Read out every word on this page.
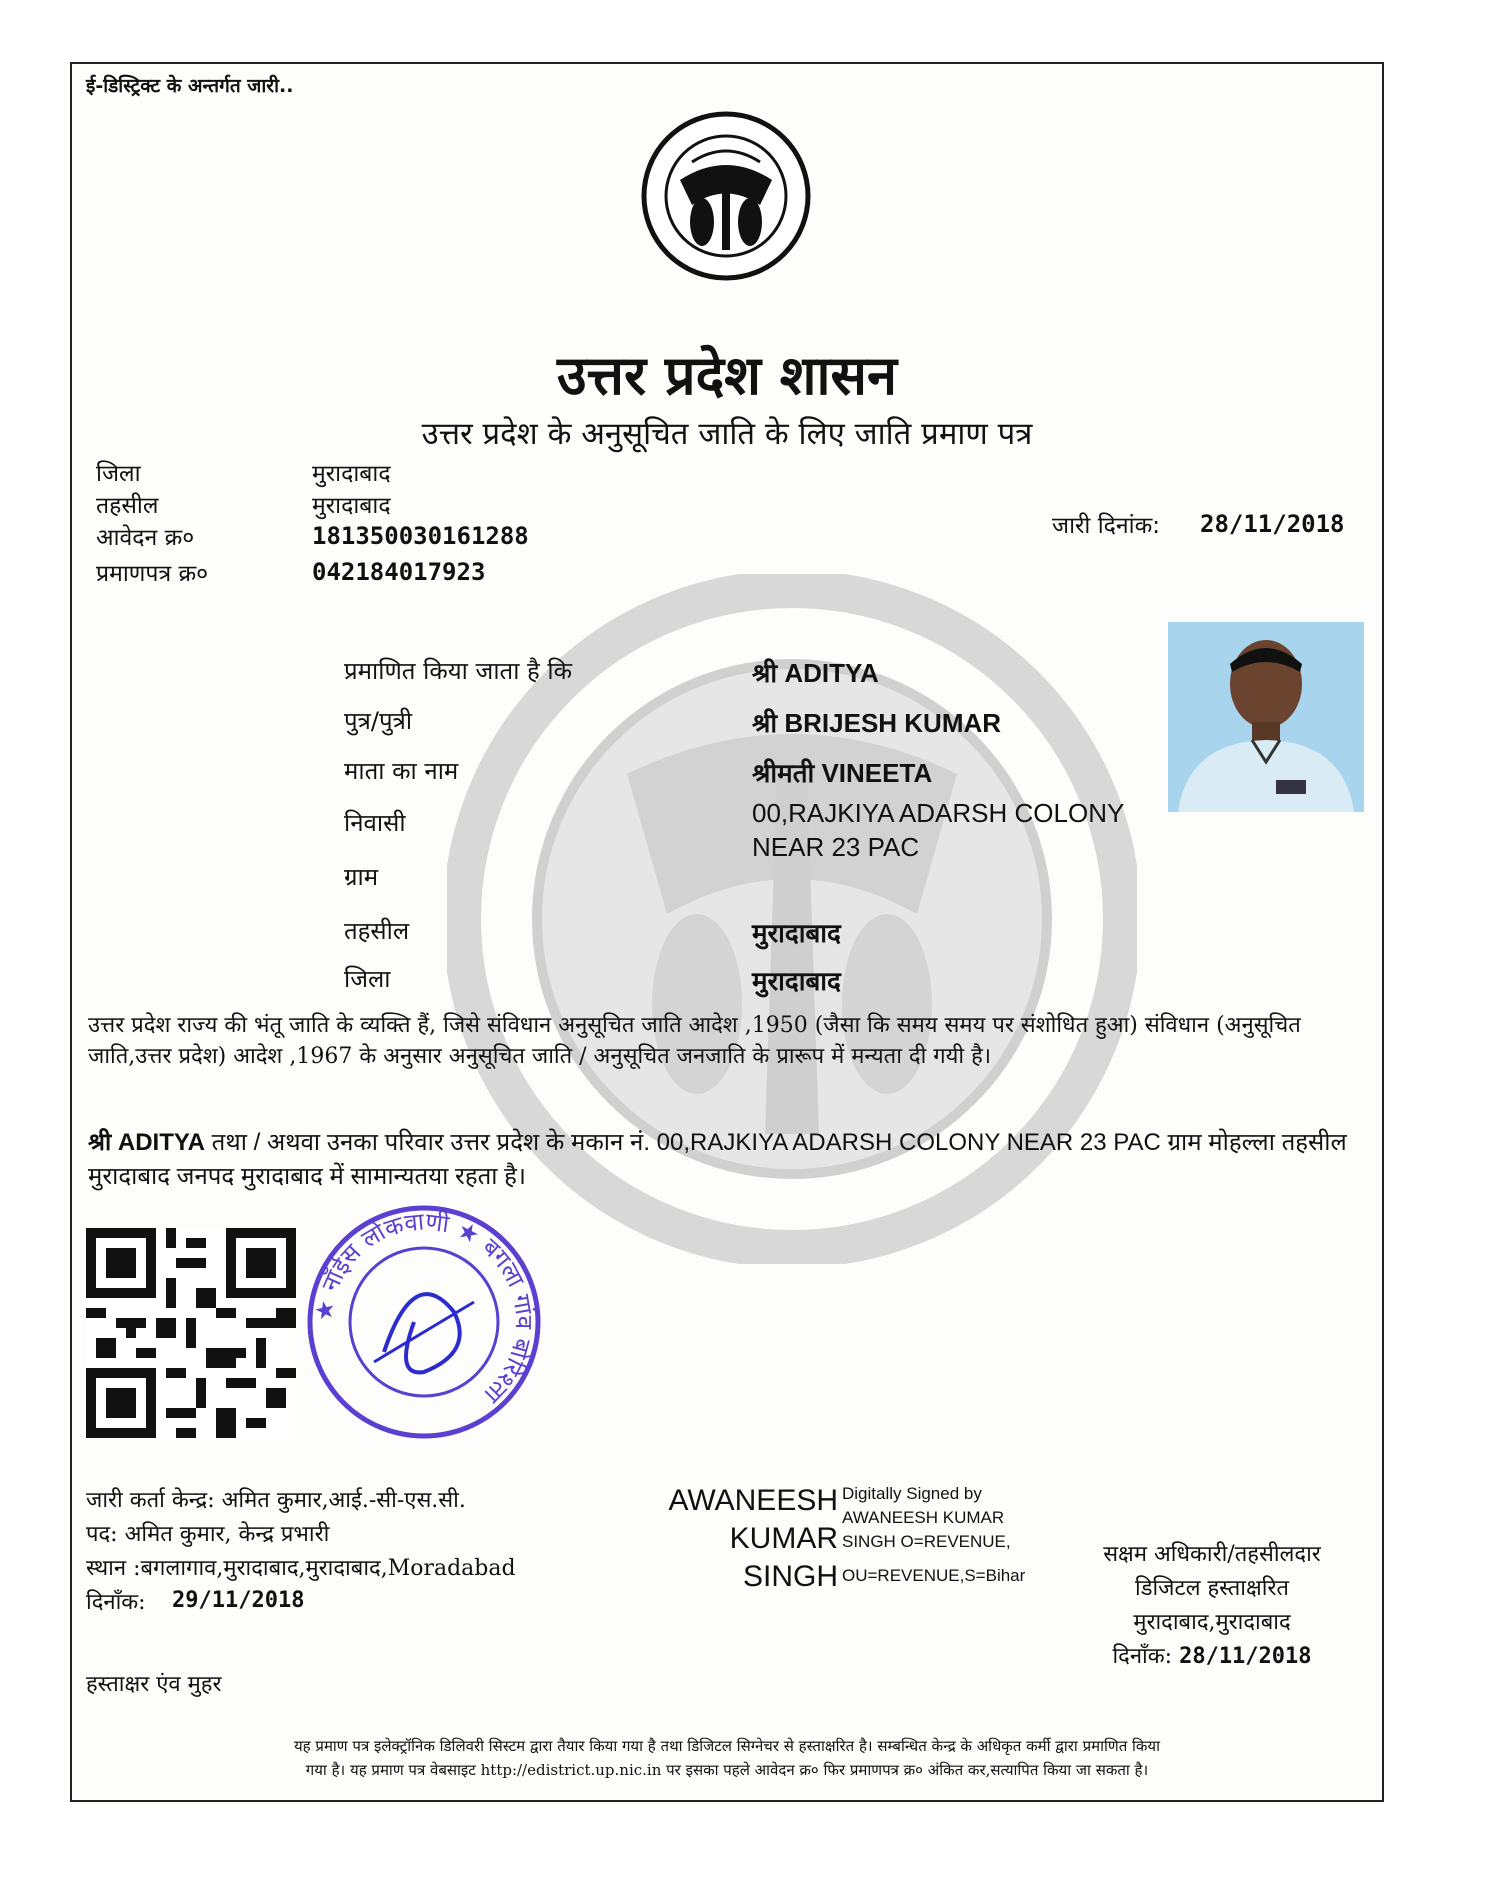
ई-डिस्ट्रिक्ट के अन्तर्गत जारी..
उत्तर प्रदेश शासन
उत्तर प्रदेश के अनुसूचित जाति के लिए जाति प्रमाण पत्र
जिला	मुरादाबाद
तहसील	मुरादाबाद
आवेदन क्र०	181350030161288
प्रमाणपत्र क्र०	042184017923
जारी दिनांक: 28/11/2018
प्रमाणित किया जाता है कि	श्री ADITYA
पुत्र/पुत्री	श्री BRIJESH KUMAR
माता का नाम	श्रीमती VINEETA
निवासी	00,RAJKIYA ADARSH COLONY
NEAR 23 PAC
ग्राम
तहसील	मुरादाबाद
जिला	मुरादाबाद
उत्तर प्रदेश राज्य की भंतू जाति के व्यक्ति हैं, जिसे संविधान अनुसूचित जाति आदेश ,1950 (जैसा कि समय समय पर संशोधित हुआ) संविधान (अनुसूचित जाति,उत्तर प्रदेश) आदेश ,1967 के अनुसार अनुसूचित जाति / अनुसूचित जनजाति के प्रारूप में मन्यता दी गयी है।
श्री ADITYA तथा / अथवा उनका परिवार उत्तर प्रदेश के मकान नं. 00,RAJKIYA ADARSH COLONY NEAR 23 PAC ग्राम मोहल्ला तहसील मुरादाबाद जनपद मुरादाबाद में सामान्यतया रहता है।
★ नाँईस लोकवाणी ★ बगला गांव बोरिश्ता
जारी कर्ता केन्द्र: अमित कुमार,आई.-सी-एस.सी.
पद: अमित कुमार, केन्द्र प्रभारी
स्थान :बगलागाव,मुरादाबाद,मुरादाबाद,Moradabad
दिनाँक: 29/11/2018
हस्ताक्षर एंव मुहर
AWANEESH
KUMAR
SINGH
Digitally Signed by
AWANEESH KUMAR
SINGH O=REVENUE,
OU=REVENUE,S=Bihar
सक्षम अधिकारी/तहसीलदार
डिजिटल हस्ताक्षरित
मुरादाबाद,मुरादाबाद
दिनाँक: 28/11/2018
यह प्रमाण पत्र इलेक्ट्रॉनिक डिलिवरी सिस्टम द्वारा तैयार किया गया है तथा डिजिटल सिग्नेचर से हस्ताक्षरित है। सम्बन्धित केन्द्र के अधिकृत कर्मी द्वारा प्रमाणित किया
गया है। यह प्रमाण पत्र वेबसाइट http://edistrict.up.nic.in पर इसका पहले आवेदन क्र० फिर प्रमाणपत्र क्र० अंकित कर,सत्यापित किया जा सकता है।
